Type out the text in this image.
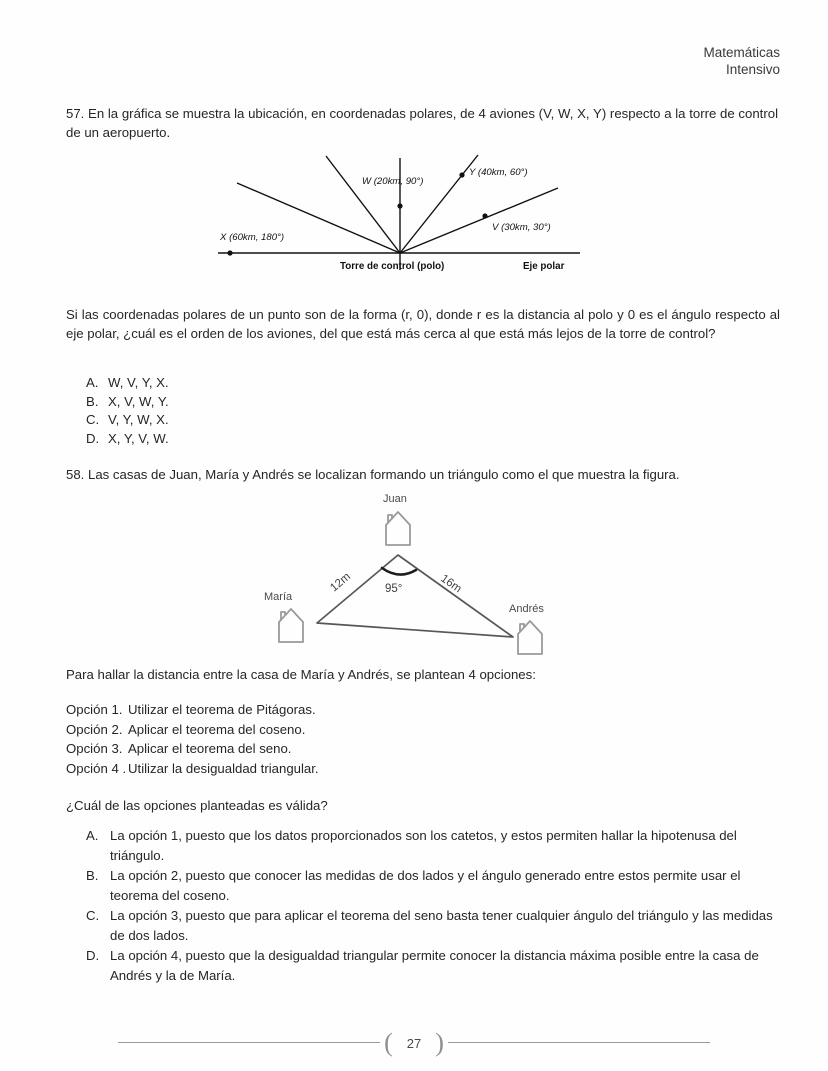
Matemáticas
Intensivo
57. En la gráfica se muestra la ubicación, en coordenadas polares, de 4 aviones (V, W, X, Y) respecto a la torre de control de un aeropuerto.
W (20km, 90°)
Y (40km, 60°)
V (30km, 30°)
X (60km, 180°)
Torre de control (polo)	Eje polar
Si las coordenadas polares de un punto son de la forma (r, 0), donde r es la distancia al polo y 0 es el ángulo respecto al eje polar, ¿cuál es el orden de los aviones, del que está más cerca al que está más lejos de la torre de control?
A. W, V, Y, X.
B. X, V, W, Y.
C. V, Y, W, X.
D. X, Y, V, W.
58. Las casas de Juan, María y Andrés se localizan formando un triángulo como el que muestra la figura.
Juan
María
Andrés
12m	16m
95°
Para hallar la distancia entre la casa de María y Andrés, se plantean 4 opciones:
Opción 1. Utilizar el teorema de Pitágoras.
Opción 2. Aplicar el teorema del coseno.
Opción 3. Aplicar el teorema del seno.
Opción 4 . Utilizar la desigualdad triangular.
¿Cuál de las opciones planteadas es válida?
A. La opción 1, puesto que los datos proporcionados son los catetos, y estos permiten hallar la hipotenusa del triángulo.
B. La opción 2, puesto que conocer las medidas de dos lados y el ángulo generado entre estos permite usar el teorema del coseno.
C. La opción 3, puesto que para aplicar el teorema del seno basta tener cualquier ángulo del triángulo y las medidas de dos lados.
D. La opción 4, puesto que la desigualdad triangular permite conocer la distancia máxima posible entre la casa de Andrés y la de María.
( 27 )
